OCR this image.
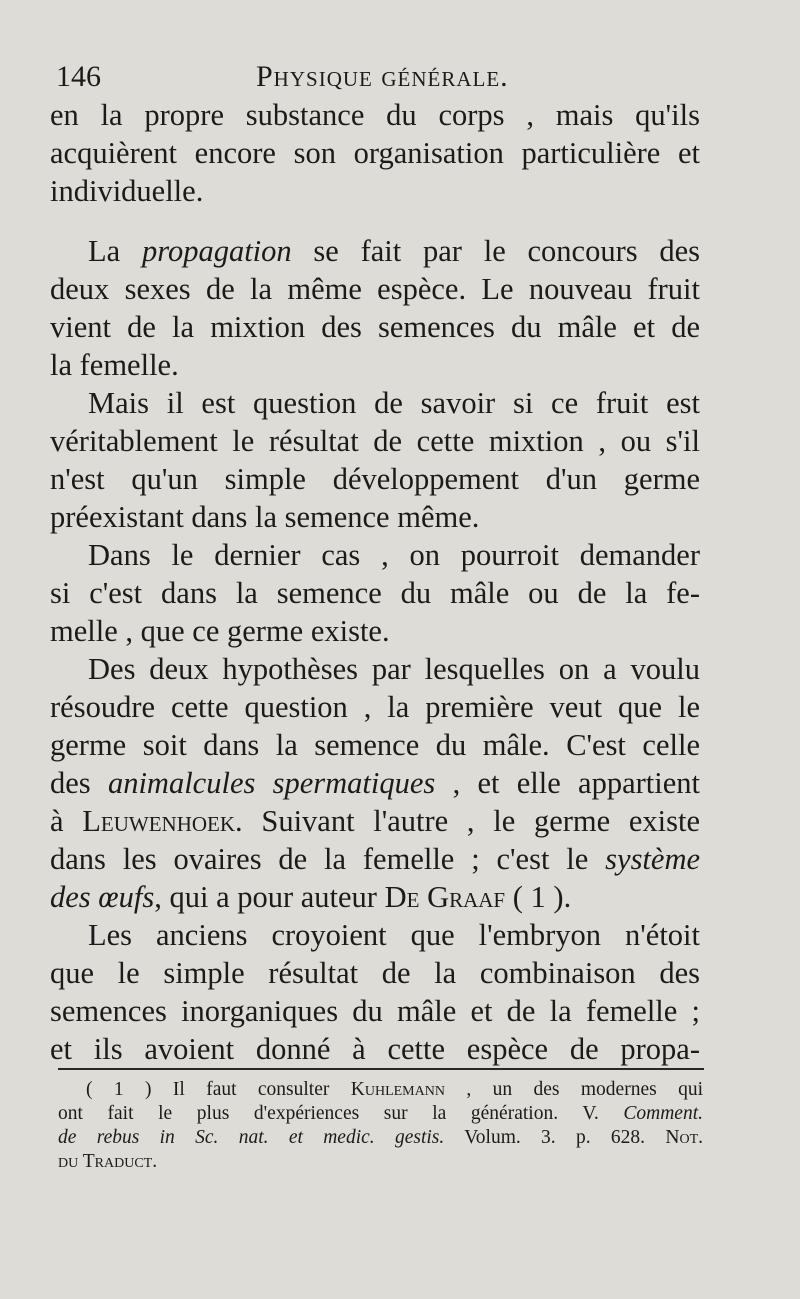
146	Physique générale.
en la propre substance du corps , mais qu'ils
acquièrent encore son organisation particulière et
individuelle.
La propagation se fait par le concours des
deux sexes de la même espèce. Le nouveau fruit
vient de la mixtion des semences du mâle et de
la femelle.
Mais il est question de savoir si ce fruit est
véritablement le résultat de cette mixtion , ou s'il
n'est qu'un simple développement d'un germe
préexistant dans la semence même.
Dans le dernier cas , on pourroit demander
si c'est dans la semence du mâle ou de la fe-
melle , que ce germe existe.
Des deux hypothèses par lesquelles on a voulu
résoudre cette question , la première veut que le
germe soit dans la semence du mâle. C'est celle
des animalcules spermatiques , et elle appartient
à Leuwenhoek. Suivant l'autre , le germe existe
dans les ovaires de la femelle ; c'est le système
des œufs, qui a pour auteur De Graaf ( 1 ).
Les anciens croyoient que l'embryon n'étoit
que le simple résultat de la combinaison des
semences inorganiques du mâle et de la femelle ;
et ils avoient donné à cette espèce de propa-
( 1 ) Il faut consulter Kuhlemann , un des modernes qui
ont fait le plus d'expériences sur la génération. V. Comment.
de rebus in Sc. nat. et medic. gestis. Volum. 3. p. 628. Not.
du Traduct.
